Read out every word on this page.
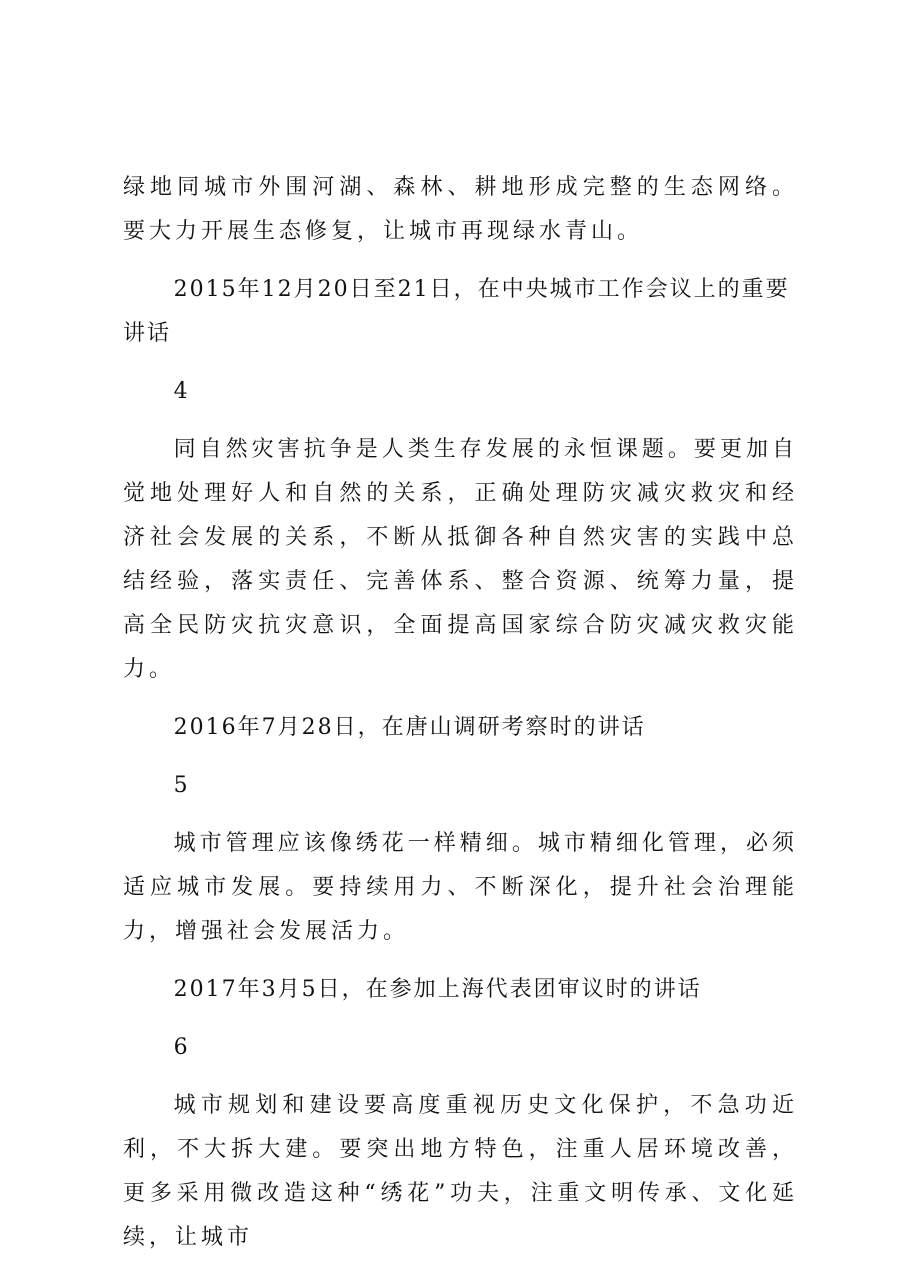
绿地同城市外围河湖、森林、耕地形成完整的生态网络。要大力开展生态修复，让城市再现绿水青山。

2015年12月20日至21日，在中央城市工作会议上的重要讲话

4

同自然灾害抗争是人类生存发展的永恒课题。要更加自觉地处理好人和自然的关系，正确处理防灾减灾救灾和经济社会发展的关系，不断从抵御各种自然灾害的实践中总结经验，落实责任、完善体系、整合资源、统筹力量，提高全民防灾抗灾意识，全面提高国家综合防灾减灾救灾能力。

2016年7月28日，在唐山调研考察时的讲话

5

城市管理应该像绣花一样精细。城市精细化管理，必须适应城市发展。要持续用力、不断深化，提升社会治理能力，增强社会发展活力。

2017年3月5日，在参加上海代表团审议时的讲话

6

城市规划和建设要高度重视历史文化保护，不急功近利，不大拆大建。要突出地方特色，注重人居环境改善，更多采用微改造这种“绣花”功夫，注重文明传承、文化延续，让城市
